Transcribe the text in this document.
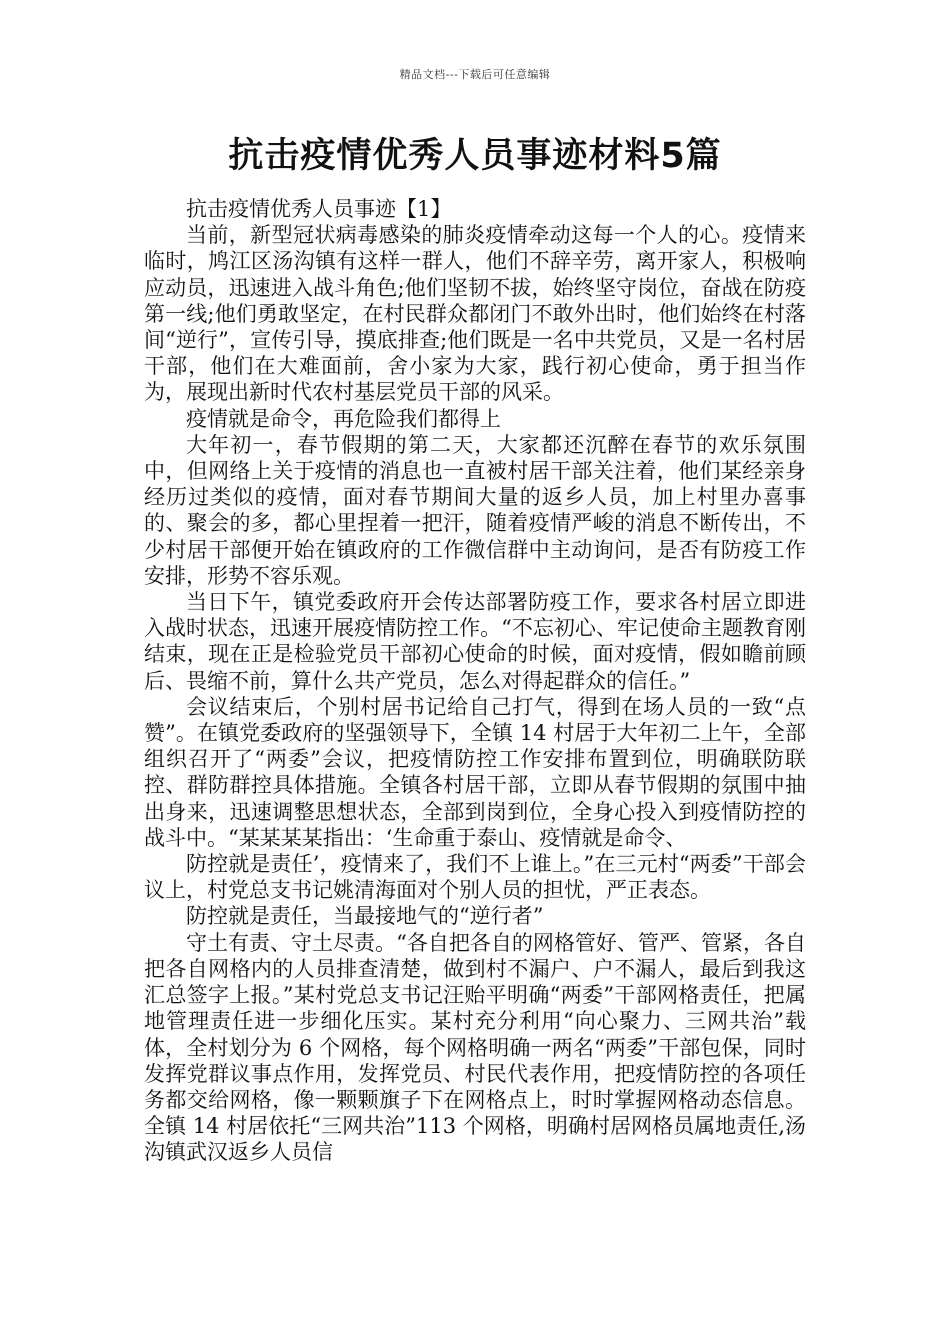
精品文档---下载后可任意编辑
抗击疫情优秀人员事迹材料5篇

抗击疫情优秀人员事迹【1】

当前，新型冠状病毒感染的肺炎疫情牵动这每一个人的心。疫情来临时，鸠江区汤沟镇有这样一群人，他们不辞辛劳，离开家人，积极响应动员，迅速进入战斗角色;他们坚韧不拔，始终坚守岗位，奋战在防疫第一线;他们勇敢坚定，在村民群众都闭门不敢外出时，他们始终在村落间“逆行”，宣传引导，摸底排查;他们既是一名中共党员，又是一名村居干部，他们在大难面前，舍小家为大家，践行初心使命，勇于担当作为，展现出新时代农村基层党员干部的风采。

疫情就是命令，再危险我们都得上

大年初一，春节假期的第二天，大家都还沉醉在春节的欢乐氛围中，但网络上关于疫情的消息也一直被村居干部关注着，他们某经亲身经历过类似的疫情，面对春节期间大量的返乡人员，加上村里办喜事的、聚会的多，都心里捏着一把汗，随着疫情严峻的消息不断传出，不少村居干部便开始在镇政府的工作微信群中主动询问，是否有防疫工作安排，形势不容乐观。

当日下午，镇党委政府开会传达部署防疫工作，要求各村居立即进入战时状态，迅速开展疫情防控工作。“不忘初心、牢记使命主题教育刚结束，现在正是检验党员干部初心使命的时候，面对疫情，假如瞻前顾后、畏缩不前，算什么共产党员，怎么对得起群众的信任。”

会议结束后，个别村居书记给自己打气，得到在场人员的一致“点赞”。在镇党委政府的坚强领导下，全镇 14 村居于大年初二上午，全部组织召开了“两委”会议，把疫情防控工作安排布置到位，明确联防联控、群防群控具体措施。全镇各村居干部，立即从春节假期的氛围中抽出身来，迅速调整思想状态，全部到岗到位，全身心投入到疫情防控的战斗中。“某某某某指出：‘生命重于泰山、疫情就是命令、

防控就是责任’，疫情来了，我们不上谁上。”在三元村“两委”干部会议上，村党总支书记姚清海面对个别人员的担忧，严正表态。

防控就是责任，当最接地气的“逆行者”

守土有责、守土尽责。“各自把各自的网格管好、管严、管紧，各自把各自网格内的人员排查清楚，做到村不漏户、户不漏人，最后到我这汇总签字上报。”某村党总支书记汪贻平明确“两委”干部网格责任，把属地管理责任进一步细化压实。某村充分利用“向心聚力、三网共治”载体，全村划分为 6 个网格，每个网格明确一两名“两委”干部包保，同时发挥党群议事点作用，发挥党员、村民代表作用，把疫情防控的各项任务都交给网格，像一颗颗旗子下在网格点上，时时掌握网格动态信息。全镇 14 村居依托“三网共治”113 个网格，明确村居网格员属地责任,汤沟镇武汉返乡人员信
